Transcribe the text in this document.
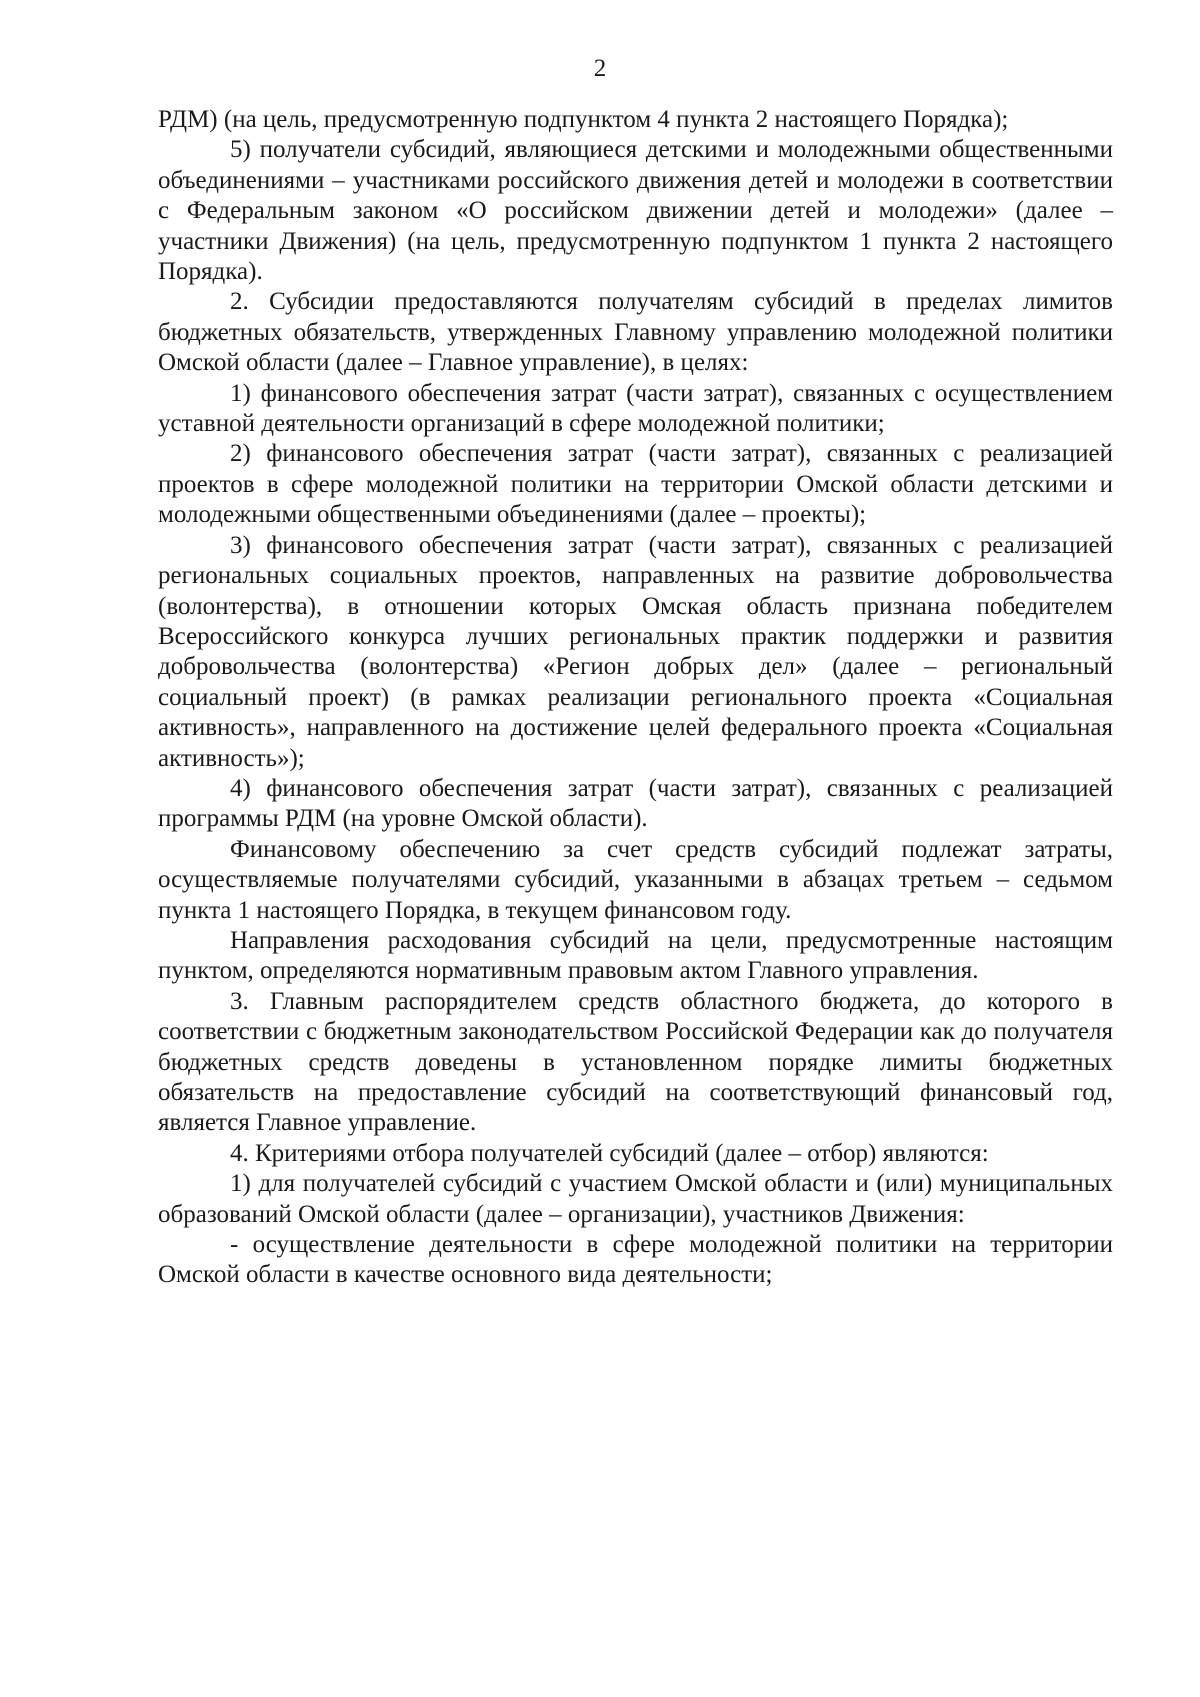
2

РДМ) (на цель, предусмотренную подпунктом 4 пункта 2 настоящего Порядка);

5) получатели субсидий, являющиеся детскими и молодежными общественными объединениями – участниками российского движения детей и молодежи в соответствии с Федеральным законом «О российском движении детей и молодежи» (далее – участники Движения) (на цель, предусмотренную подпунктом 1 пункта 2 настоящего Порядка).

2. Субсидии предоставляются получателям субсидий в пределах лимитов бюджетных обязательств, утвержденных Главному управлению молодежной политики Омской области (далее – Главное управление), в целях:

1) финансового обеспечения затрат (части затрат), связанных с осуществлением уставной деятельности организаций в сфере молодежной политики;

2) финансового обеспечения затрат (части затрат), связанных с реализацией проектов в сфере молодежной политики на территории Омской области детскими и молодежными общественными объединениями (далее – проекты);

3) финансового обеспечения затрат (части затрат), связанных с реализацией региональных социальных проектов, направленных на развитие добровольчества (волонтерства), в отношении которых Омская область признана победителем Всероссийского конкурса лучших региональных практик поддержки и развития добровольчества (волонтерства) «Регион добрых дел» (далее – региональный социальный проект) (в рамках реализации регионального проекта «Социальная активность», направленного на достижение целей федерального проекта «Социальная активность»);

4) финансового обеспечения затрат (части затрат), связанных с реализацией программы РДМ (на уровне Омской области).

Финансовому обеспечению за счет средств субсидий подлежат затраты, осуществляемые получателями субсидий, указанными в абзацах третьем – седьмом пункта 1 настоящего Порядка, в текущем финансовом году.

Направления расходования субсидий на цели, предусмотренные настоящим пунктом, определяются нормативным правовым актом Главного управления.

3. Главным распорядителем средств областного бюджета, до которого в соответствии с бюджетным законодательством Российской Федерации как до получателя бюджетных средств доведены в установленном порядке лимиты бюджетных обязательств на предоставление субсидий на соответствующий финансовый год, является Главное управление.

4. Критериями отбора получателей субсидий (далее – отбор) являются:

1) для получателей субсидий с участием Омской области и (или) муниципальных образований Омской области (далее – организации), участников Движения:

- осуществление деятельности в сфере молодежной политики на территории Омской области в качестве основного вида деятельности;
